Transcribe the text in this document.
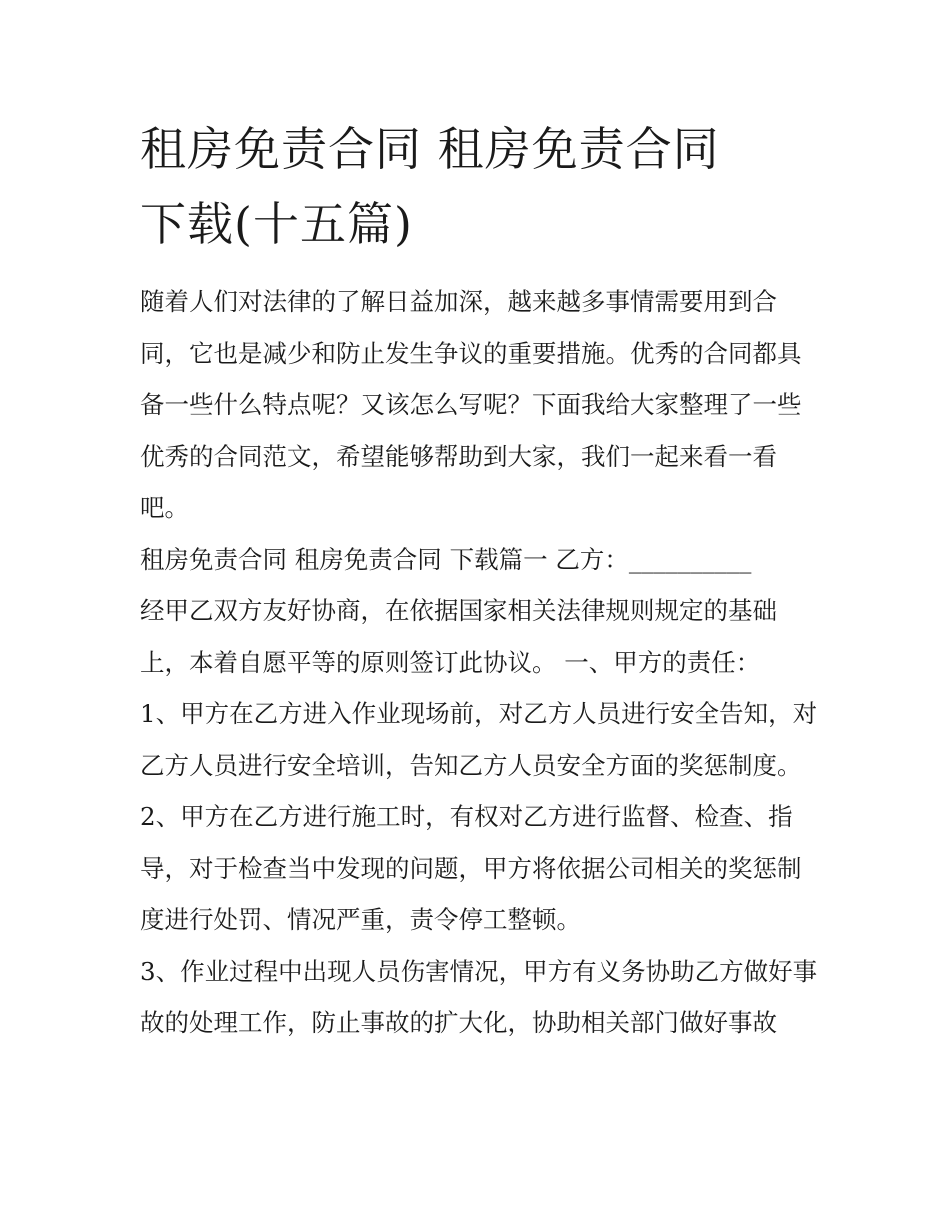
租房免责合同 租房免责合同
下载(十五篇)

随着人们对法律的了解日益加深，越来越多事情需要用到合同，它也是减少和防止发生争议的重要措施。优秀的合同都具备一些什么特点呢？又该怎么写呢？下面我给大家整理了一些优秀的合同范文，希望能够帮助到大家，我们一起来看一看吧。

租房免责合同 租房免责合同 下载篇一 乙方：__________

经甲乙双方友好协商，在依据国家相关法律规则规定的基础上，本着自愿平等的原则签订此协议。 一、甲方的责任：

1、甲方在乙方进入作业现场前，对乙方人员进行安全告知，对乙方人员进行安全培训，告知乙方人员安全方面的奖惩制度。

2、甲方在乙方进行施工时，有权对乙方进行监督、检查、指导，对于检查当中发现的问题，甲方将依据公司相关的奖惩制度进行处罚、情况严重，责令停工整顿。

3、作业过程中出现人员伤害情况，甲方有义务协助乙方做好事故的处理工作，防止事故的扩大化，协助相关部门做好事故
